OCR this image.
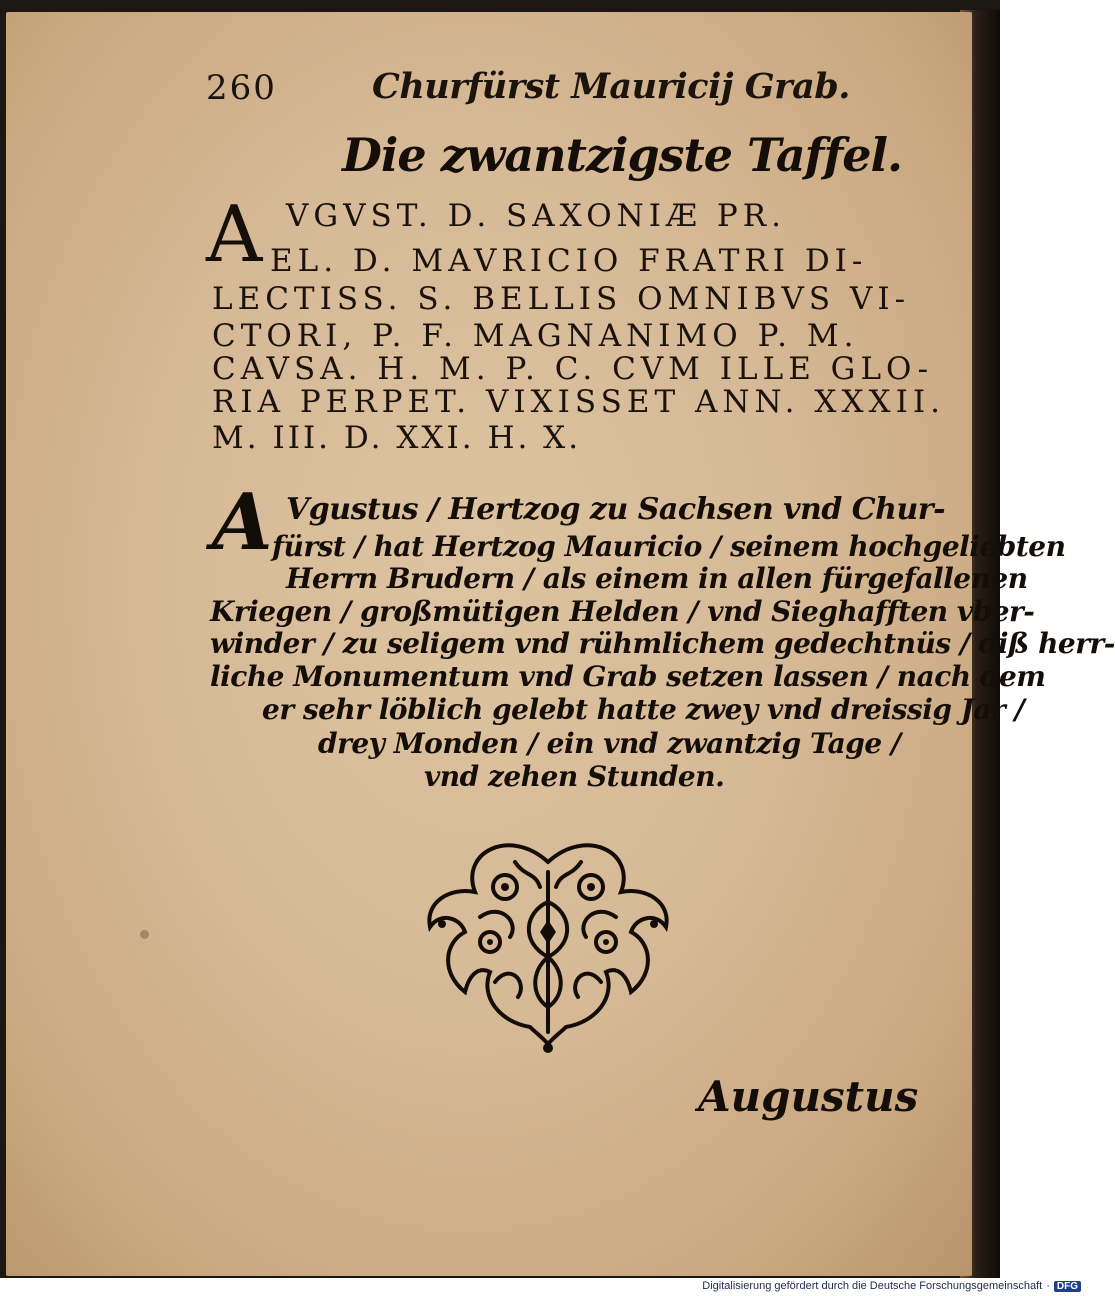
260	Churfürst Mauricij Grab.
Die zwantzigste Taffel.
A VGVST. D. SAXONIÆ PR.
EL. D. MAVRICIO FRATRI DI-
LECTISS. S. BELLIS OMNIBVS VI-
CTORI, P. F. MAGNANIMO P. M.
CAVSA. H. M. P. C. CVM ILLE GLO-
RIA PERPET. VIXISSET ANN. XXXII.
M. III. D. XXI. H. X.
A Vgustus / Hertzog zu Sachsen vnd Chur-
fürst / hat Hertzog Mauricio / seinem hochgeliebten
Herrn Brudern / als einem in allen fürgefallenen
Kriegen / großmütigen Helden / vnd Sieghafften vber-
winder / zu seligem vnd rühmlichem gedechtnüs / diß herr-
liche Monumentum vnd Grab setzen lassen / nach dem
er sehr löblich gelebt hatte zwey vnd dreissig Jar /
drey Monden / ein vnd zwantzig Tage /
vnd zehen Stunden.
Augustus
Digitalisierung gefördert durch die Deutsche Forschungsgemeinschaft · DFG
